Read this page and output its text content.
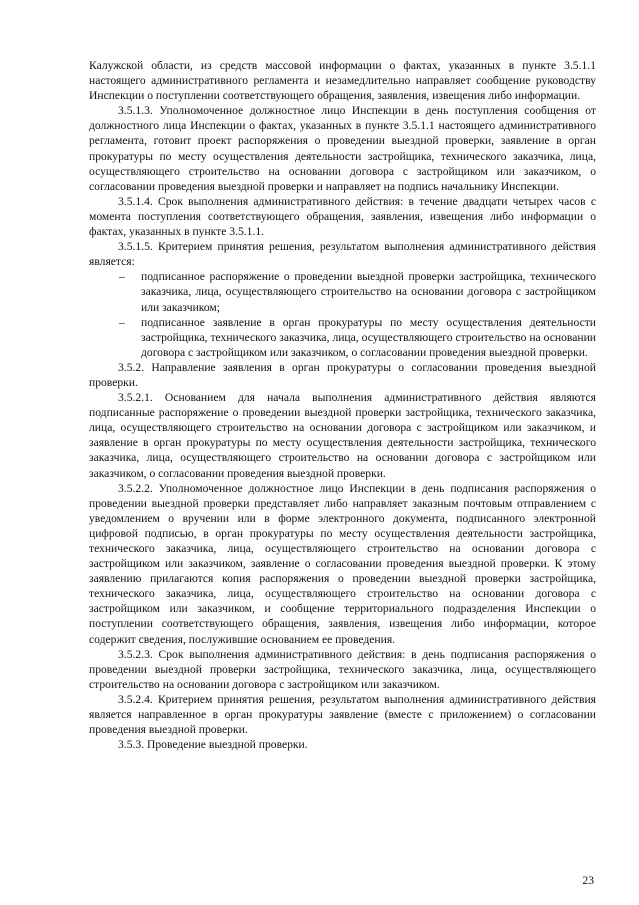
Калужской области, из средств массовой информации о фактах, указанных в пункте 3.5.1.1 настоящего административного регламента и незамедлительно направляет сообщение руководству Инспекции о поступлении соответствующего обращения, заявления, извещения либо информации.

3.5.1.3. Уполномоченное должностное лицо Инспекции в день поступления сообщения от должностного лица Инспекции о фактах, указанных в пункте 3.5.1.1 настоящего административного регламента, готовит проект распоряжения о проведении выездной проверки, заявление в орган прокуратуры по месту осуществления деятельности застройщика, технического заказчика, лица, осуществляющего строительство на основании договора с застройщиком или заказчиком, о согласовании проведения выездной проверки и направляет на подпись начальнику Инспекции.

3.5.1.4. Срок выполнения административного действия: в течение двадцати четырех часов с момента поступления соответствующего обращения, заявления, извещения либо информации о фактах, указанных в пункте 3.5.1.1.

3.5.1.5. Критерием принятия решения, результатом выполнения административного действия является:

– подписанное распоряжение о проведении выездной проверки застройщика, технического заказчика, лица, осуществляющего строительство на основании договора с застройщиком или заказчиком;
– подписанное заявление в орган прокуратуры по месту осуществления деятельности застройщика, технического заказчика, лица, осуществляющего строительство на основании договора с застройщиком или заказчиком, о согласовании проведения выездной проверки.

3.5.2. Направление заявления в орган прокуратуры о согласовании проведения выездной проверки.

3.5.2.1. Основанием для начала выполнения административного действия являются подписанные распоряжение о проведении выездной проверки застройщика, технического заказчика, лица, осуществляющего строительство на основании договора с застройщиком или заказчиком, и заявление в орган прокуратуры по месту осуществления деятельности застройщика, технического заказчика, лица, осуществляющего строительство на основании договора с застройщиком или заказчиком, о согласовании проведения выездной проверки.

3.5.2.2. Уполномоченное должностное лицо Инспекции в день подписания распоряжения о проведении выездной проверки представляет либо направляет заказным почтовым отправлением с уведомлением о вручении или в форме электронного документа, подписанного электронной цифровой подписью, в орган прокуратуры по месту осуществления деятельности застройщика, технического заказчика, лица, осуществляющего строительство на основании договора с застройщиком или заказчиком, заявление о согласовании проведения выездной проверки. К этому заявлению прилагаются копия распоряжения о проведении выездной проверки застройщика, технического заказчика, лица, осуществляющего строительство на основании договора с застройщиком или заказчиком, и сообщение территориального подразделения Инспекции о поступлении соответствующего обращения, заявления, извещения либо информации, которое содержит сведения, послужившие основанием ее проведения.

3.5.2.3. Срок выполнения административного действия: в день подписания распоряжения о проведении выездной проверки застройщика, технического заказчика, лица, осуществляющего строительство на основании договора с застройщиком или заказчиком.

3.5.2.4. Критерием принятия решения, результатом выполнения административного действия является направленное в орган прокуратуры заявление (вместе с приложением) о согласовании проведения выездной проверки.

3.5.3. Проведение выездной проверки.

23
